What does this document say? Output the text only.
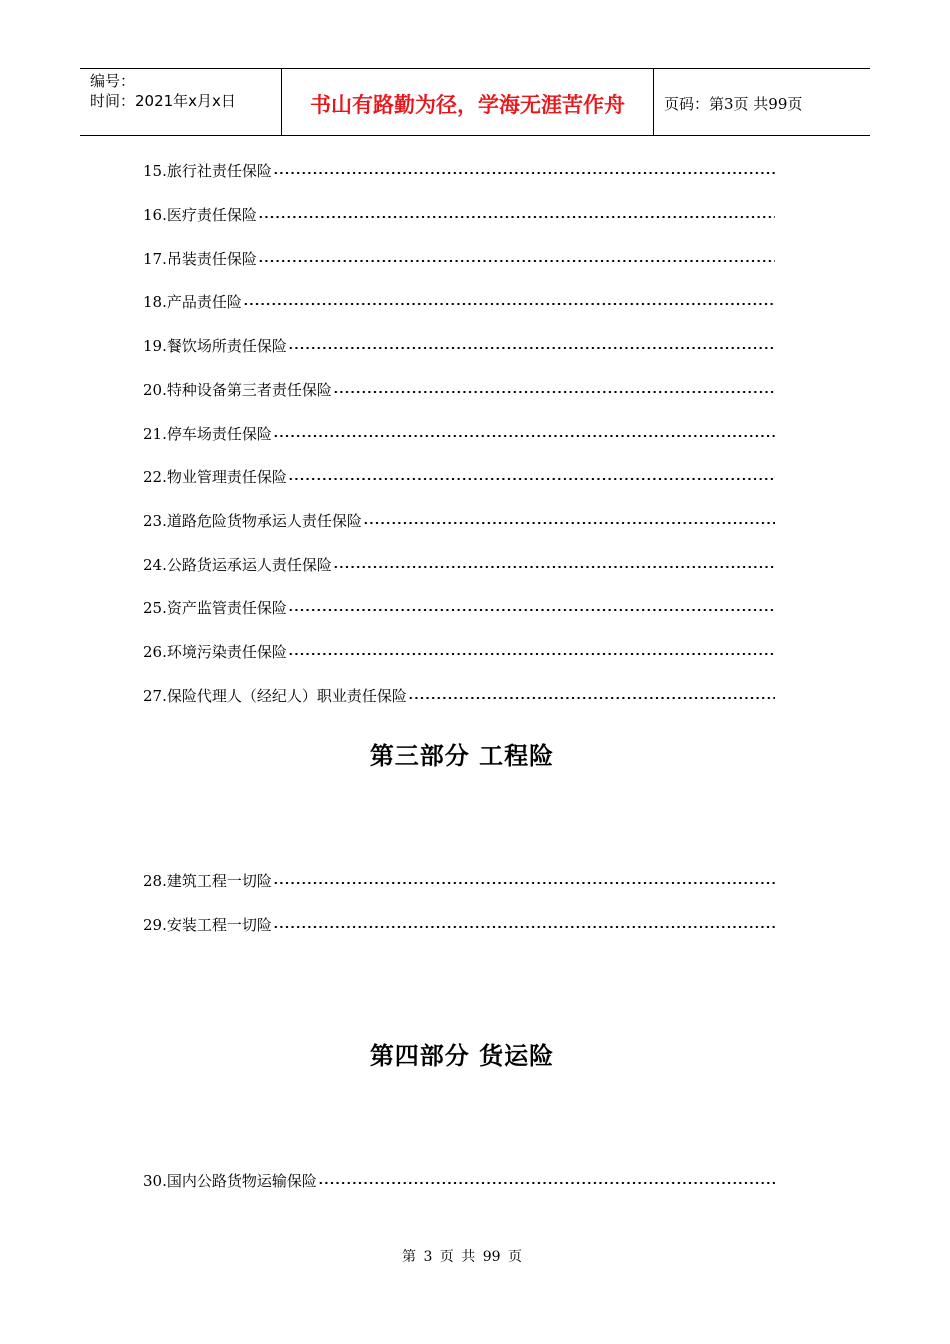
编号：
时间：2021年x月x日	书山有路勤为径，学海无涯苦作舟	页码：第3页 共99页
15.旅行社责任保险
16.医疗责任保险
17.吊装责任保险
18.产品责任险
19.餐饮场所责任保险
20.特种设备第三者责任保险
21.停车场责任保险
22.物业管理责任保险
23.道路危险货物承运人责任保险
24.公路货运承运人责任保险
25.资产监管责任保险
26.环境污染责任保险
27.保险代理人（经纪人）职业责任保险
第三部分 工程险
28.建筑工程一切险
29.安装工程一切险
第四部分 货运险
30.国内公路货物运输保险
第 3 页 共 99 页
